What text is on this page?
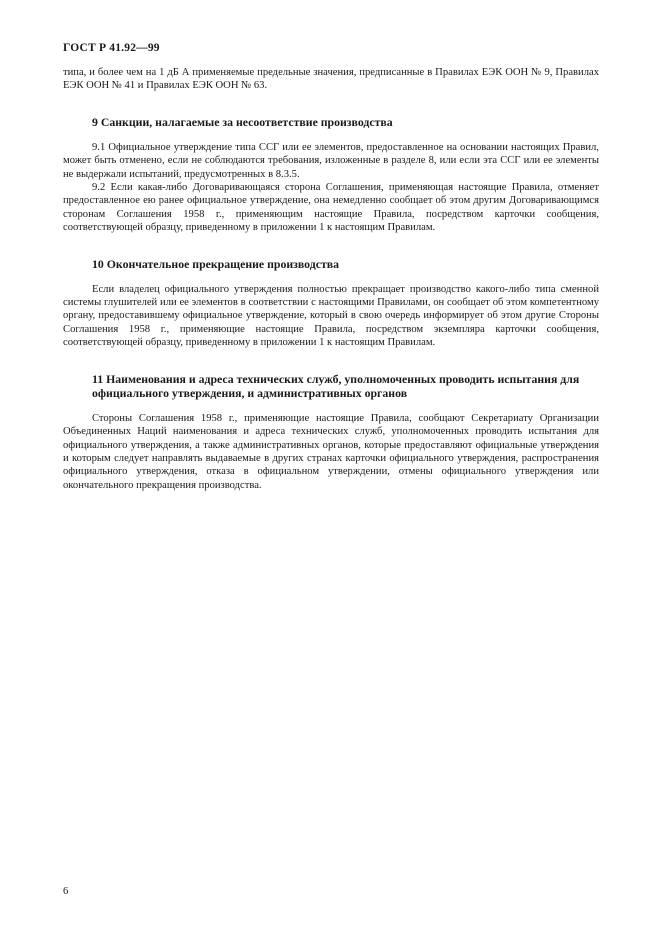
ГОСТ Р 41.92—99

типа, и более чем на 1 дБ А применяемые предельные значения, предписанные в Правилах ЕЭК ООН № 9, Правилах ЕЭК ООН № 41 и Правилах ЕЭК ООН № 63.

9 Санкции, налагаемые за несоответствие производства

9.1 Официальное утверждение типа ССГ или ее элементов, предоставленное на основании настоящих Правил, может быть отменено, если не соблюдаются требования, изложенные в разделе 8, или если эта ССГ или ее элементы не выдержали испытаний, предусмотренных в 8.3.5.

9.2 Если какая-либо Договаривающаяся сторона Соглашения, применяющая настоящие Правила, отменяет предоставленное ею ранее официальное утверждение, она немедленно сообщает об этом другим Договаривающимся сторонам Соглашения 1958 г., применяющим настоящие Правила, посредством карточки сообщения, соответствующей образцу, приведенному в приложении 1 к настоящим Правилам.

10 Окончательное прекращение производства

Если владелец официального утверждения полностью прекращает производство какого-либо типа сменной системы глушителей или ее элементов в соответствии с настоящими Правилами, он сообщает об этом компетентному органу, предоставившему официальное утверждение, который в свою очередь информирует об этом другие Стороны Соглашения 1958 г., применяющие настоящие Правила, посредством экземпляра карточки сообщения, соответствующей образцу, приведенному в приложении 1 к настоящим Правилам.

11 Наименования и адреса технических служб, уполномоченных проводить испытания для официального утверждения, и административных органов

Стороны Соглашения 1958 г., применяющие настоящие Правила, сообщают Секретариату Организации Объединенных Наций наименования и адреса технических служб, уполномоченных проводить испытания для официального утверждения, а также административных органов, которые предоставляют официальные утверждения и которым следует направлять выдаваемые в других странах карточки официального утверждения, распространения официального утверждения, отказа в официальном утверждении, отмены официального утверждения или окончательного прекращения производства.

6
